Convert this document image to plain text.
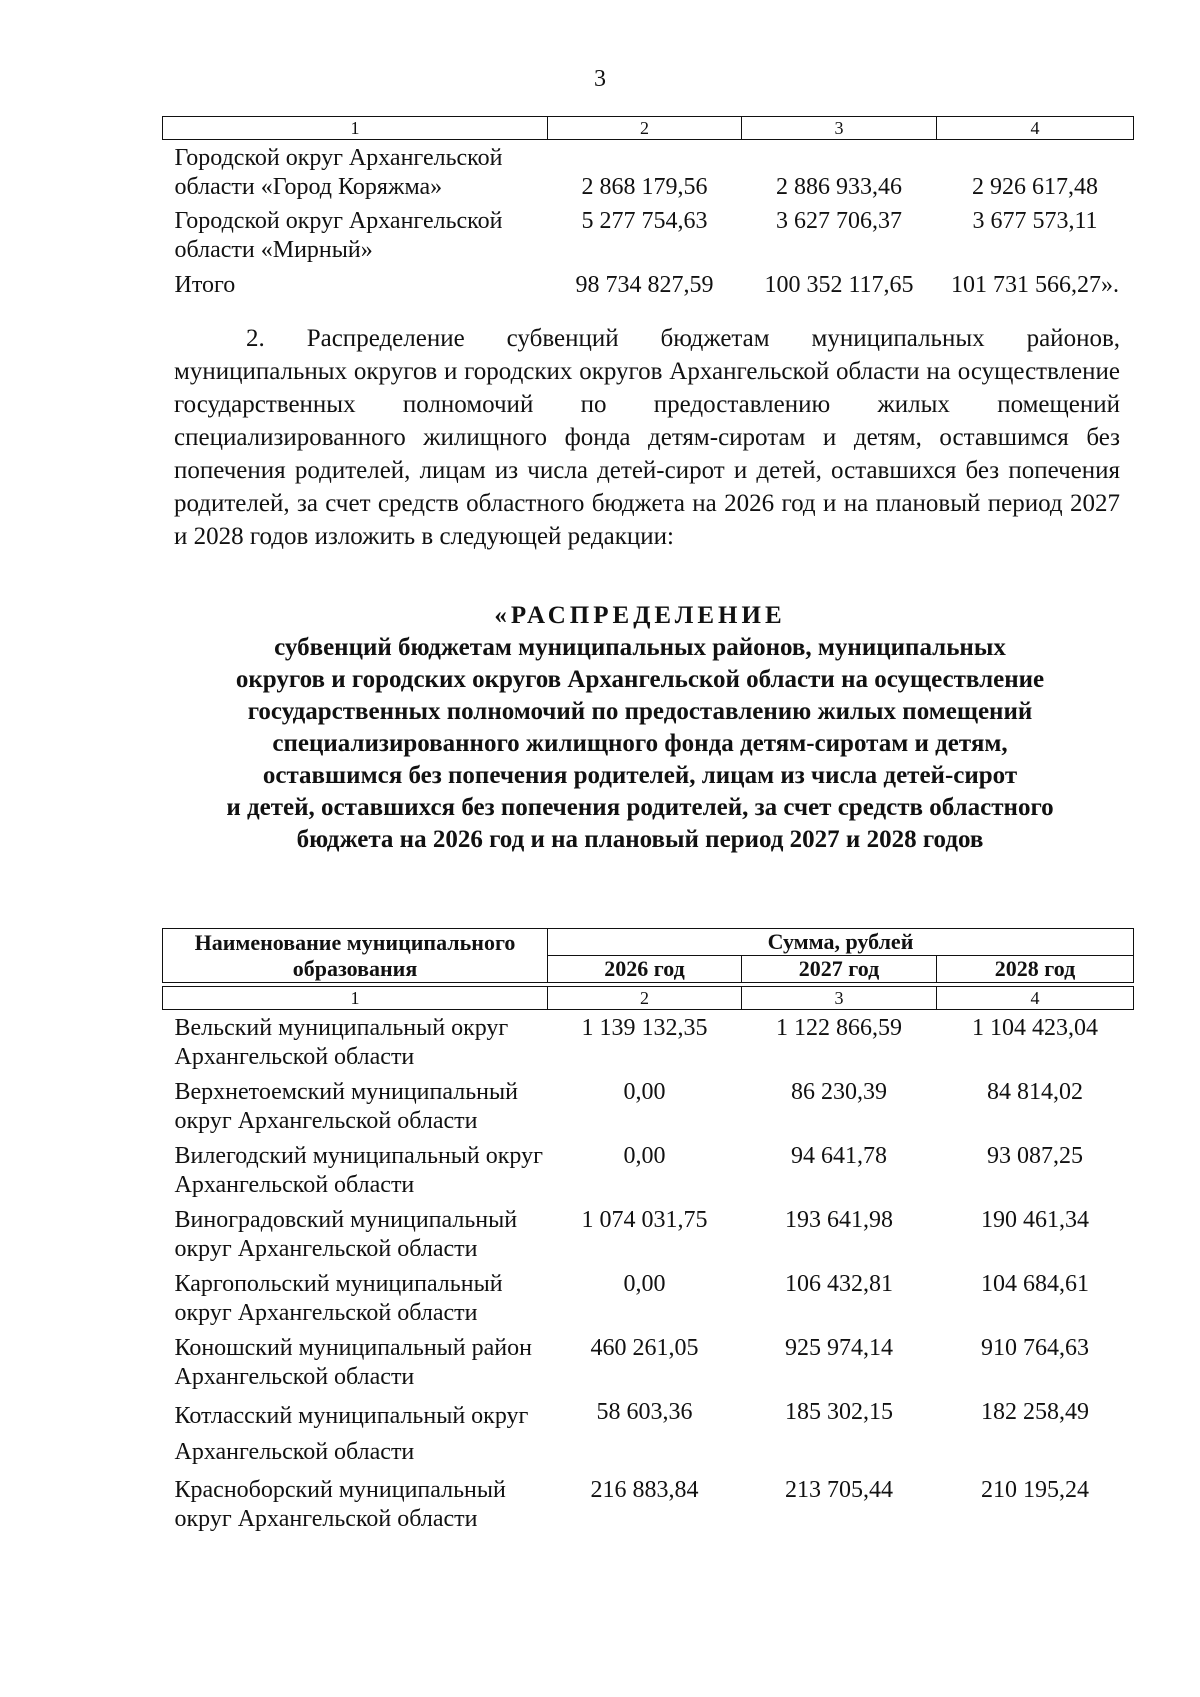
3
1	2	3	4
Городской округ Архангельской области «Город Коряжма»	2 868 179,56	2 886 933,46	2 926 617,48
Городской округ Архангельской области «Мирный»	5 277 754,63	3 627 706,37	3 677 573,11
Итого	98 734 827,59	100 352 117,65	101 731 566,27».

2. Распределение субвенций бюджетам муниципальных районов, муниципальных округов и городских округов Архангельской области на осуществление государственных полномочий по предоставлению жилых помещений специализированного жилищного фонда детям-сиротам и детям, оставшимся без попечения родителей, лицам из числа детей-сирот и детей, оставшихся без попечения родителей, за счет средств областного бюджета на 2026 год и на плановый период 2027 и 2028 годов изложить в следующей редакции:

«РАСПРЕДЕЛЕНИЕ
субвенций бюджетам муниципальных районов, муниципальных
округов и городских округов Архангельской области на осуществление
государственных полномочий по предоставлению жилых помещений
специализированного жилищного фонда детям-сиротам и детям,
оставшимся без попечения родителей, лицам из числа детей-сирот
и детей, оставшихся без попечения родителей, за счет средств областного
бюджета на 2026 год и на плановый период 2027 и 2028 годов
Наименование муниципального образования	Сумма, рублей		
	2026 год	2027 год	2028 год

1	2	3	4
Вельский муниципальный округ Архангельской области	1 139 132,35	1 122 866,59	1 104 423,04
Верхнетоемский муниципальный округ Архангельской области	0,00	86 230,39	84 814,02
Вилегодский муниципальный округ Архангельской области	0,00	94 641,78	93 087,25
Виноградовский муниципальный округ Архангельской области	1 074 031,75	193 641,98	190 461,34
Каргопольский муниципальный округ Архангельской области	0,00	106 432,81	104 684,61
Коношский муниципальный район Архангельской области	460 261,05	925 974,14	910 764,63
Котласский муниципальный округ Архангельской области	58 603,36	185 302,15	182 258,49
Красноборский муниципальный округ Архангельской области	216 883,84	213 705,44	210 195,24
